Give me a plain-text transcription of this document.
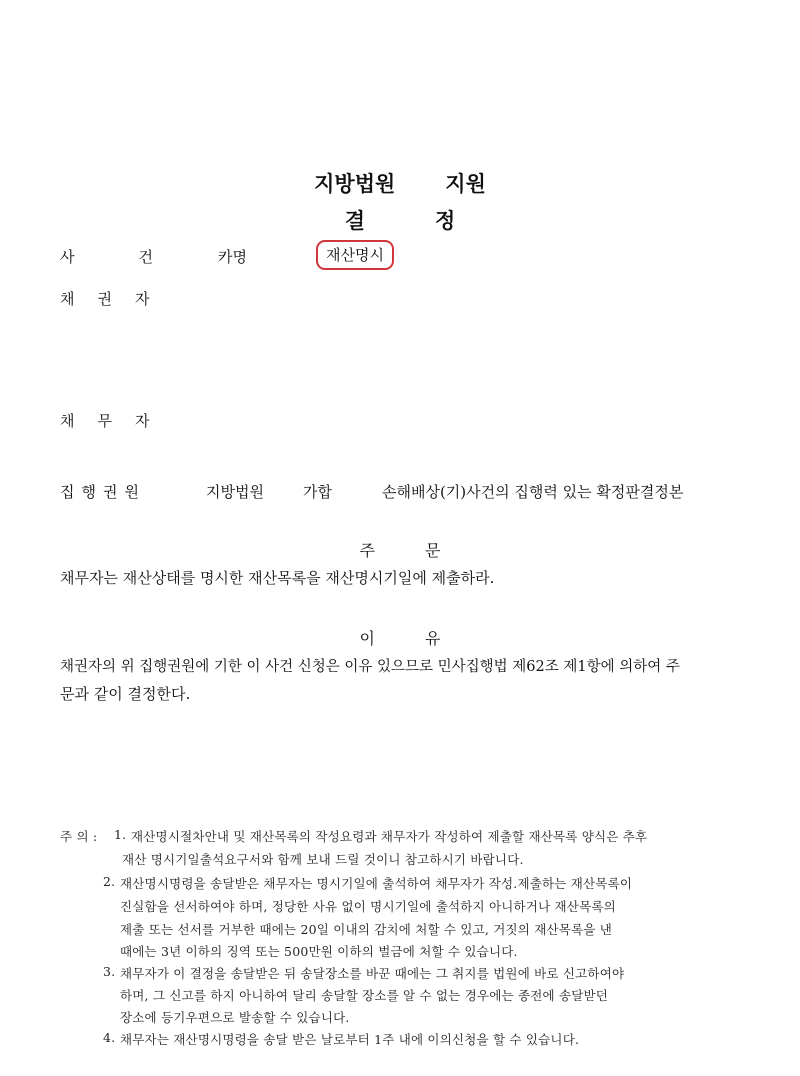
지방법원 지원
결	정
사	건	카명	재산명시
채 권 자
채 무 자
집 행 권 원	지방법원	가합	손해배상(기)사건의 집행력 있는 확정판결정본
주	문
채무자는 재산상태를 명시한 재산목록을 재산명시기일에 제출하라.
이	유
채권자의 위 집행권원에 기한 이 사건 신청은 이유 있으므로 민사집행법 제62조 제1항에 의하여 주
문과 같이 결정한다.
주 의 : 1. 재산명시절차안내 및 재산목록의 작성요령과 채무자가 작성하여 제출할 재산목록 양식은 추후
재산 명시기일출석요구서와 함께 보내 드릴 것이니 참고하시기 바랍니다.
2. 재산명시명령을 송달받은 채무자는 명시기일에 출석하여 채무자가 작성.제출하는 재산목록이
진실함을 선서하여야 하며, 정당한 사유 없이 명시기일에 출석하지 아니하거나 재산목록의
제출 또는 선서를 거부한 때에는 20일 이내의 감치에 처할 수 있고, 거짓의 재산목록을 낸
때에는 3년 이하의 징역 또는 500만원 이하의 벌금에 처할 수 있습니다.
3. 채무자가 이 결정을 송달받은 뒤 송달장소를 바꾼 때에는 그 취지를 법원에 바로 신고하여야
하며, 그 신고를 하지 아니하여 달리 송달할 장소를 알 수 없는 경우에는 종전에 송달받던
장소에 등기우편으로 발송할 수 있습니다.
4. 채무자는 재산명시명령을 송달 받은 날로부터 1주 내에 이의신청을 할 수 있습니다.
